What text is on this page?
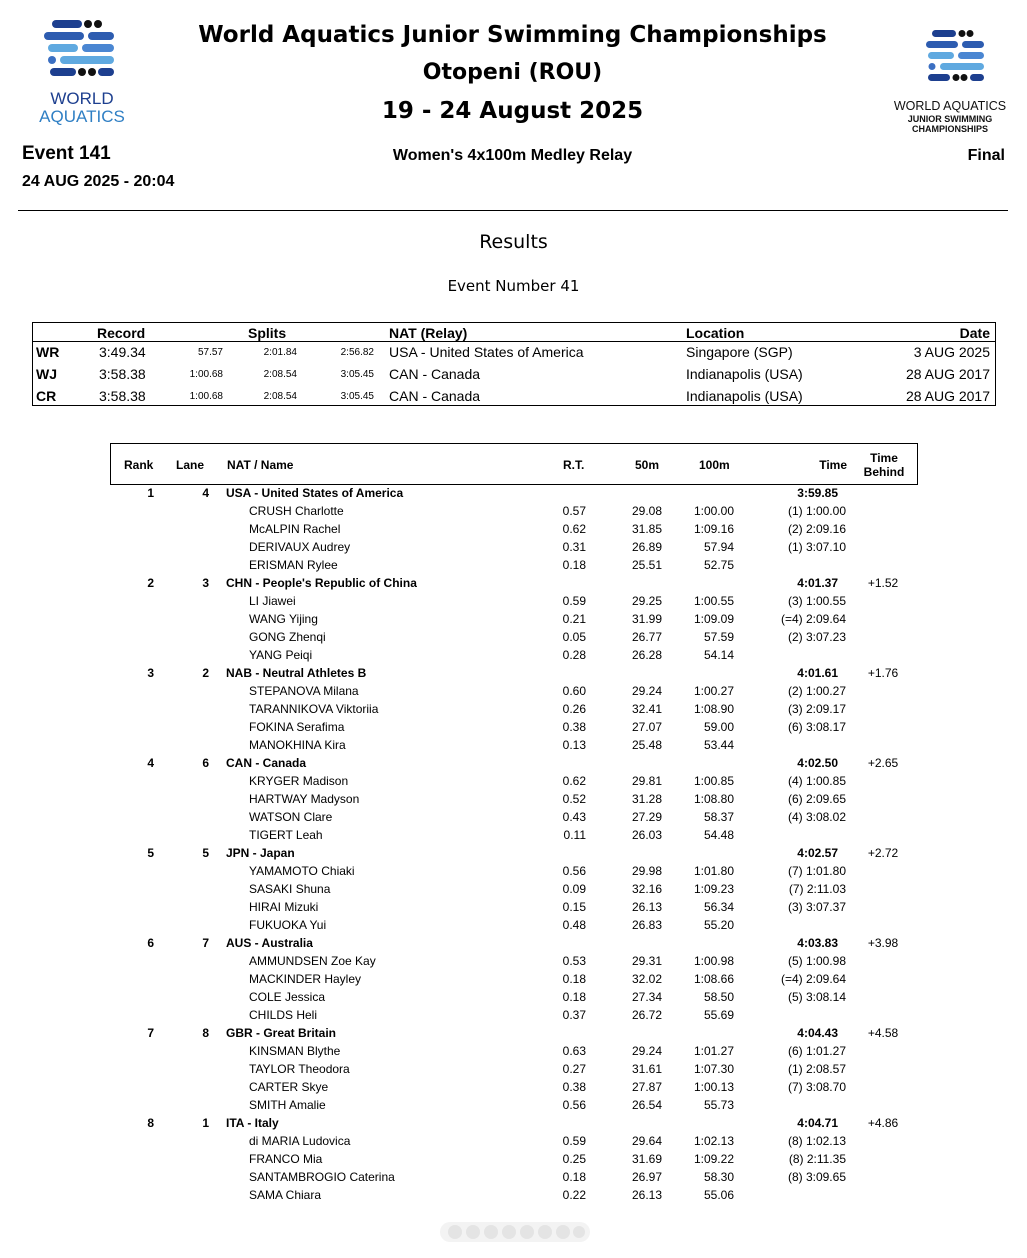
WORLD
AQUATICS
WORLD AQUATICS
JUNIOR SWIMMING
CHAMPIONSHIPS
World Aquatics Junior Swimming Championships
Otopeni (ROU)
19 - 24 August 2025
Event 141
24 AUG 2025 - 20:04
Women's 4x100m Medley Relay	Final
Results
Event Number 41
Record	Splits	NAT (Relay)	Location	Date
WR	3:49.34	57.57	2:01.84	2:56.82 USA - United States of America	Singapore (SGP)	3 AUG 2025
WJ	3:58.38	1:00.68	2:08.54	3:05.45 CAN - Canada	Indianapolis (USA)	28 AUG 2017
CR	3:58.38	1:00.68	2:08.54	3:05.45 CAN - Canada	Indianapolis (USA)	28 AUG 2017
Rank Lane NAT / Name	R.T.	50m	100m	Time	Time
Behind
1	4 USA - United States of America	3:59.85
CRUSH Charlotte	0.57	29.08	1:00.00	(1) 1:00.00
McALPIN Rachel	0.62	31.85	1:09.16	(2) 2:09.16
DERIVAUX Audrey	0.31	26.89	57.94	(1) 3:07.10
ERISMAN Rylee	0.18	25.51	52.75
2	3 CHN - People's Republic of China	4:01.37	+1.52
LI Jiawei	0.59	29.25	1:00.55	(3) 1:00.55
WANG Yijing	0.21	31.99	1:09.09	(=4) 2:09.64
GONG Zhenqi	0.05	26.77	57.59	(2) 3:07.23
YANG Peiqi	0.28	26.28	54.14
3	2 NAB - Neutral Athletes B	4:01.61	+1.76
STEPANOVA Milana	0.60	29.24	1:00.27	(2) 1:00.27
TARANNIKOVA Viktoriia	0.26	32.41	1:08.90	(3) 2:09.17
FOKINA Serafima	0.38	27.07	59.00	(6) 3:08.17
MANOKHINA Kira	0.13	25.48	53.44
4	6 CAN - Canada	4:02.50	+2.65
KRYGER Madison	0.62	29.81	1:00.85	(4) 1:00.85
HARTWAY Madyson	0.52	31.28	1:08.80	(6) 2:09.65
WATSON Clare	0.43	27.29	58.37	(4) 3:08.02
TIGERT Leah	0.11	26.03	54.48
5	5 JPN - Japan	4:02.57	+2.72
YAMAMOTO Chiaki	0.56	29.98	1:01.80	(7) 1:01.80
SASAKI Shuna	0.09	32.16	1:09.23	(7) 2:11.03
HIRAI Mizuki	0.15	26.13	56.34	(3) 3:07.37
FUKUOKA Yui	0.48	26.83	55.20
6	7 AUS - Australia	4:03.83	+3.98
AMMUNDSEN Zoe Kay	0.53	29.31	1:00.98	(5) 1:00.98
MACKINDER Hayley	0.18	32.02	1:08.66	(=4) 2:09.64
COLE Jessica	0.18	27.34	58.50	(5) 3:08.14
CHILDS Heli	0.37	26.72	55.69
7	8 GBR - Great Britain	4:04.43	+4.58
KINSMAN Blythe	0.63	29.24	1:01.27	(6) 1:01.27
TAYLOR Theodora	0.27	31.61	1:07.30	(1) 2:08.57
CARTER Skye	0.38	27.87	1:00.13	(7) 3:08.70
SMITH Amalie	0.56	26.54	55.73
8	1 ITA - Italy	4:04.71	+4.86
di MARIA Ludovica	0.59	29.64	1:02.13	(8) 1:02.13
FRANCO Mia	0.25	31.69	1:09.22	(8) 2:11.35
SANTAMBROGIO Caterina	0.18	26.97	58.30	(8) 3:09.65
SAMA Chiara	0.22	26.13	55.06
